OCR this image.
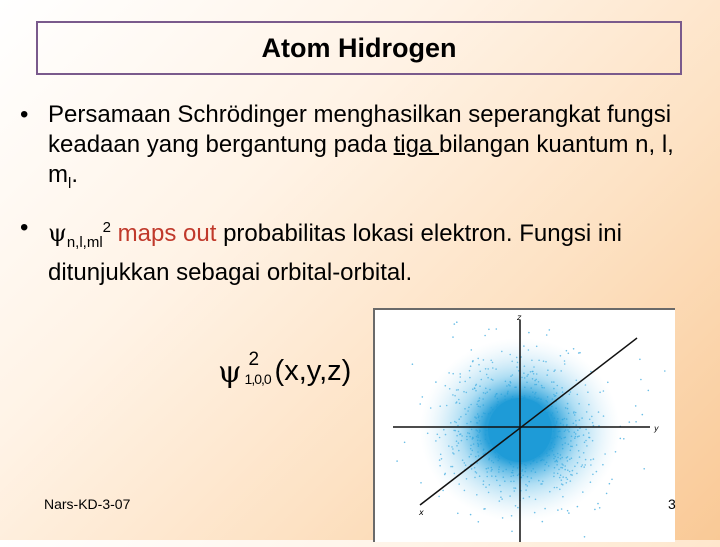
Atom Hidrogen
• Persamaan Schrödinger menghasilkan seperangkat fungsi keadaan yang bergantung pada tiga bilangan kuantum n, l, $m_l$.
• $\psi_{n,l,ml}^2$ maps out probabilitas lokasi elektron. Fungsi ini ditunjukkan sebagai orbital-orbital.
ψ 2
1,0,0 (x,y,z)
z
y
x
Nars-KD-3-07	3
